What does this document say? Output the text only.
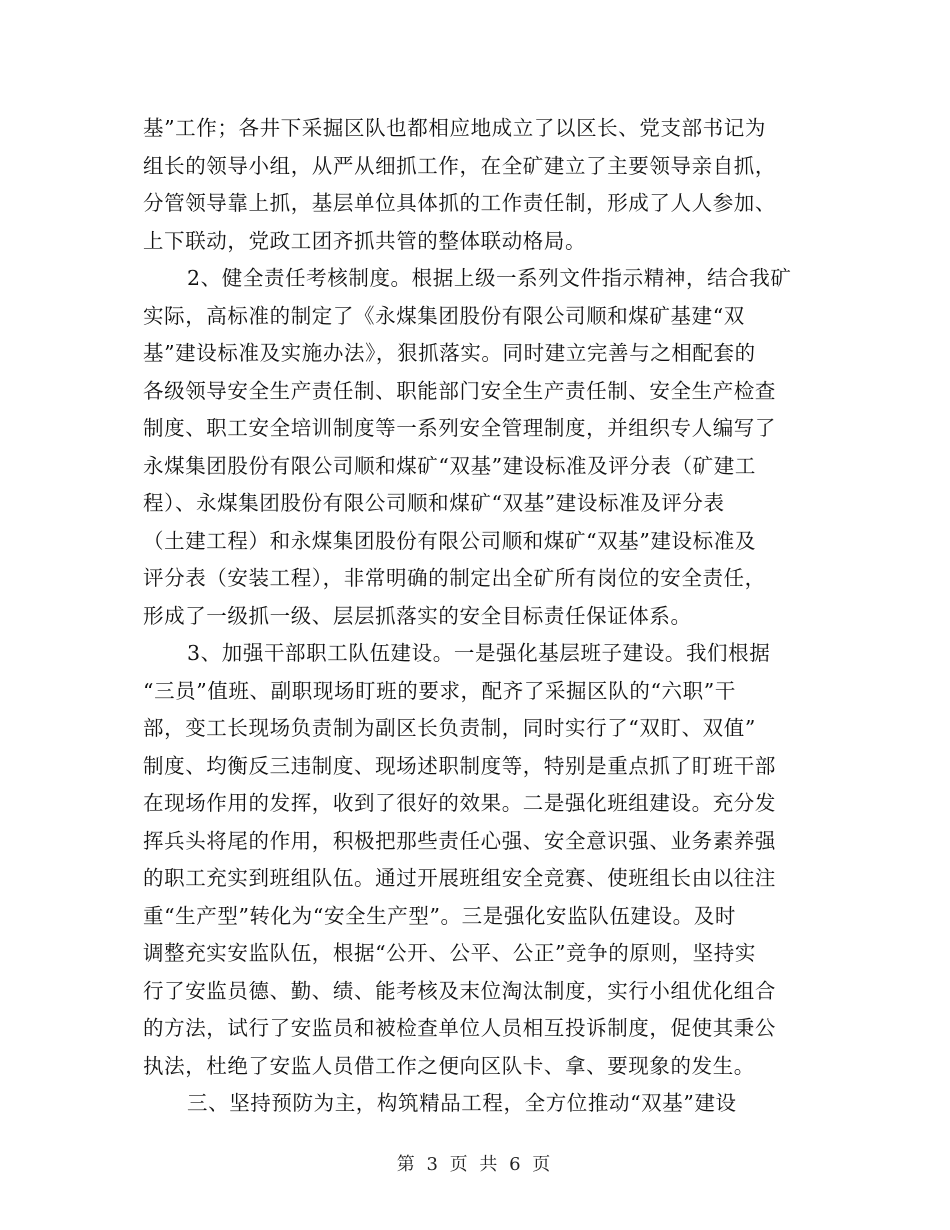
基”工作；各井下采掘区队也都相应地成立了以区长、党支部书记为
组长的领导小组，从严从细抓工作，在全矿建立了主要领导亲自抓，
分管领导靠上抓，基层单位具体抓的工作责任制，形成了人人参加、
上下联动，党政工团齐抓共管的整体联动格局。
2、健全责任考核制度。根据上级一系列文件指示精神，结合我矿
实际，高标准的制定了《永煤集团股份有限公司顺和煤矿基建“双
基”建设标准及实施办法》，狠抓落实。同时建立完善与之相配套的
各级领导安全生产责任制、职能部门安全生产责任制、安全生产检查
制度、职工安全培训制度等一系列安全管理制度，并组织专人编写了
永煤集团股份有限公司顺和煤矿“双基”建设标准及评分表（矿建工
程）、永煤集团股份有限公司顺和煤矿“双基”建设标准及评分表
（土建工程）和永煤集团股份有限公司顺和煤矿“双基”建设标准及
评分表（安装工程），非常明确的制定出全矿所有岗位的安全责任，
形成了一级抓一级、层层抓落实的安全目标责任保证体系。
3、加强干部职工队伍建设。一是强化基层班子建设。我们根据
“三员”值班、副职现场盯班的要求，配齐了采掘区队的“六职”干
部，变工长现场负责制为副区长负责制，同时实行了“双盯、双值”
制度、均衡反三违制度、现场述职制度等，特别是重点抓了盯班干部
在现场作用的发挥，收到了很好的效果。二是强化班组建设。充分发
挥兵头将尾的作用，积极把那些责任心强、安全意识强、业务素养强
的职工充实到班组队伍。通过开展班组安全竞赛、使班组长由以往注
重“生产型”转化为“安全生产型”。三是强化安监队伍建设。及时
调整充实安监队伍，根据“公开、公平、公正”竞争的原则，坚持实
行了安监员德、勤、绩、能考核及末位淘汰制度，实行小组优化组合
的方法，试行了安监员和被检查单位人员相互投诉制度，促使其秉公
执法，杜绝了安监人员借工作之便向区队卡、拿、要现象的发生。
三、坚持预防为主，构筑精品工程，全方位推动“双基”建设
第 3 页 共 6 页
